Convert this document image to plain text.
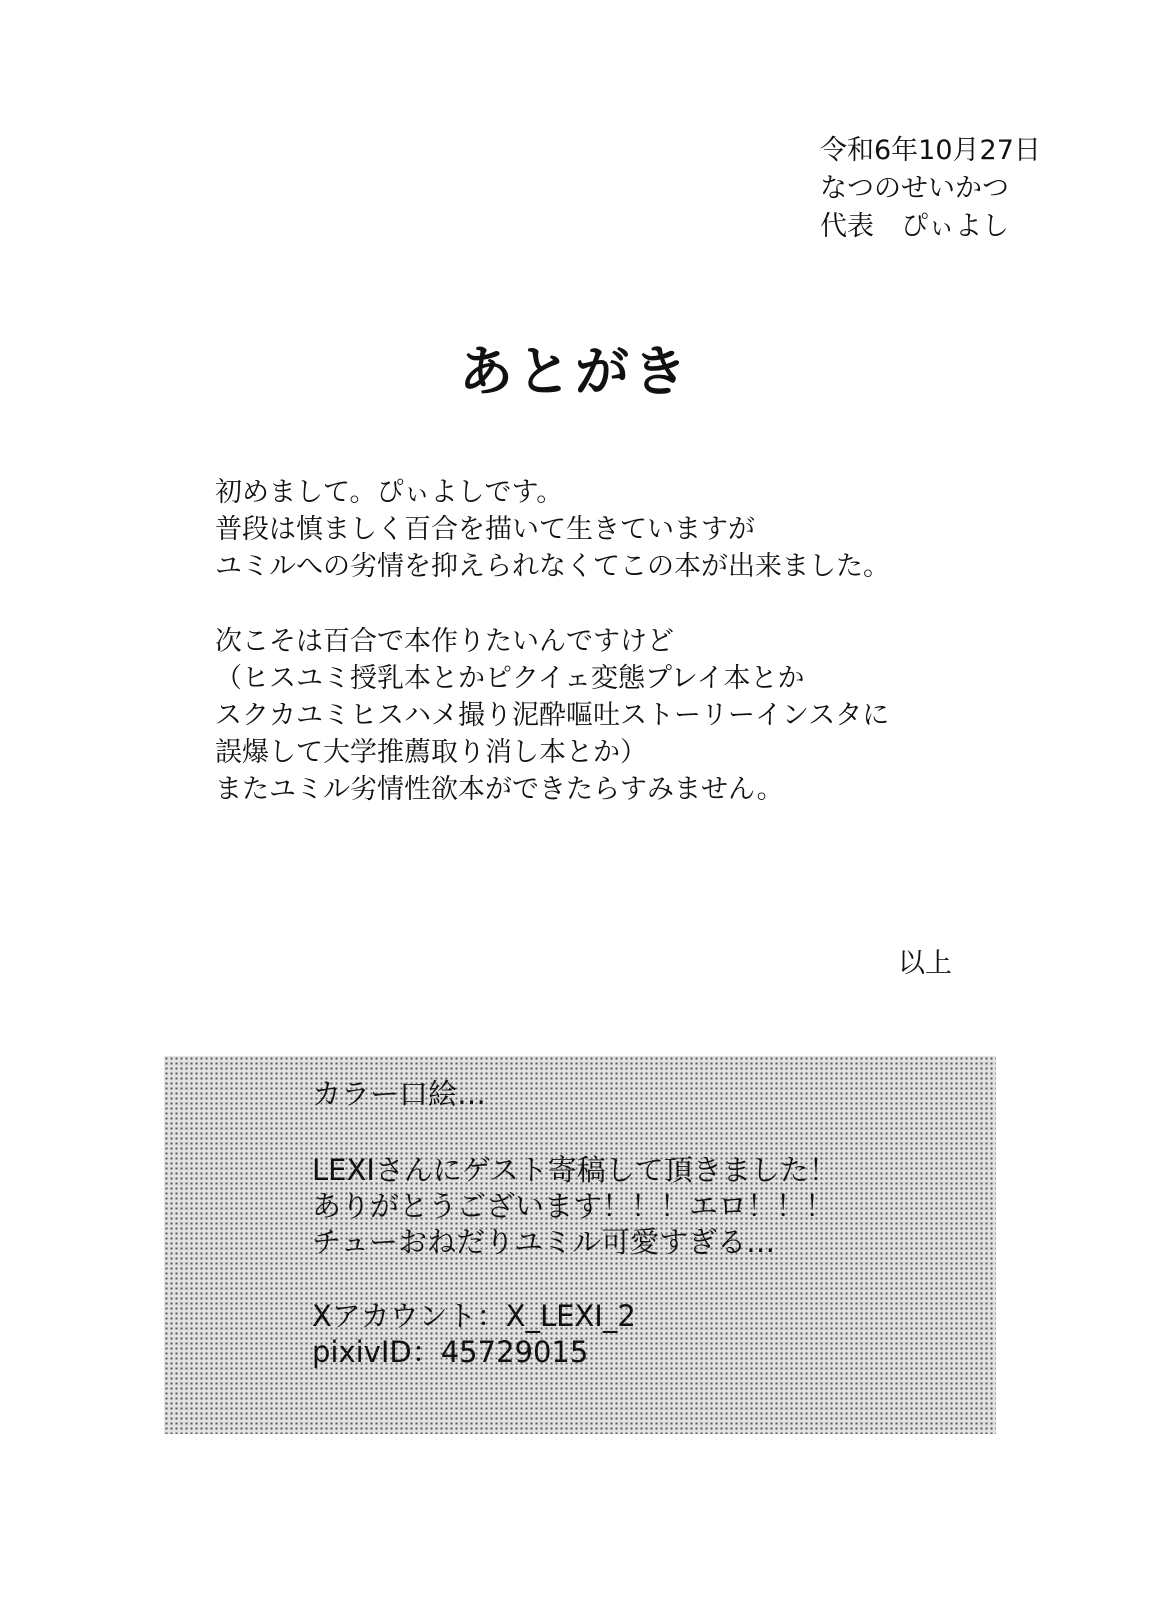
令和6年10月27日
なつのせいかつ
代表　ぴぃよし
あとがき
初めまして。ぴぃよしです。
普段は慎ましく百合を描いて生きていますが
ユミルへの劣情を抑えられなくてこの本が出来ました。
次こそは百合で本作りたいんですけど
（ヒスユミ授乳本とかピクイェ変態プレイ本とか
スクカユミヒスハメ撮り泥酔嘔吐ストーリーインスタに
誤爆して大学推薦取り消し本とか）
またユミル劣情性欲本ができたらすみません。
以上
カラー口絵…
LEXIさんにゲスト寄稿して頂きました！
ありがとうございます！！！エロ！！！
チューおねだりユミル可愛すぎる…
Xアカウント：X_LEXI_2
pixivID：45729015
